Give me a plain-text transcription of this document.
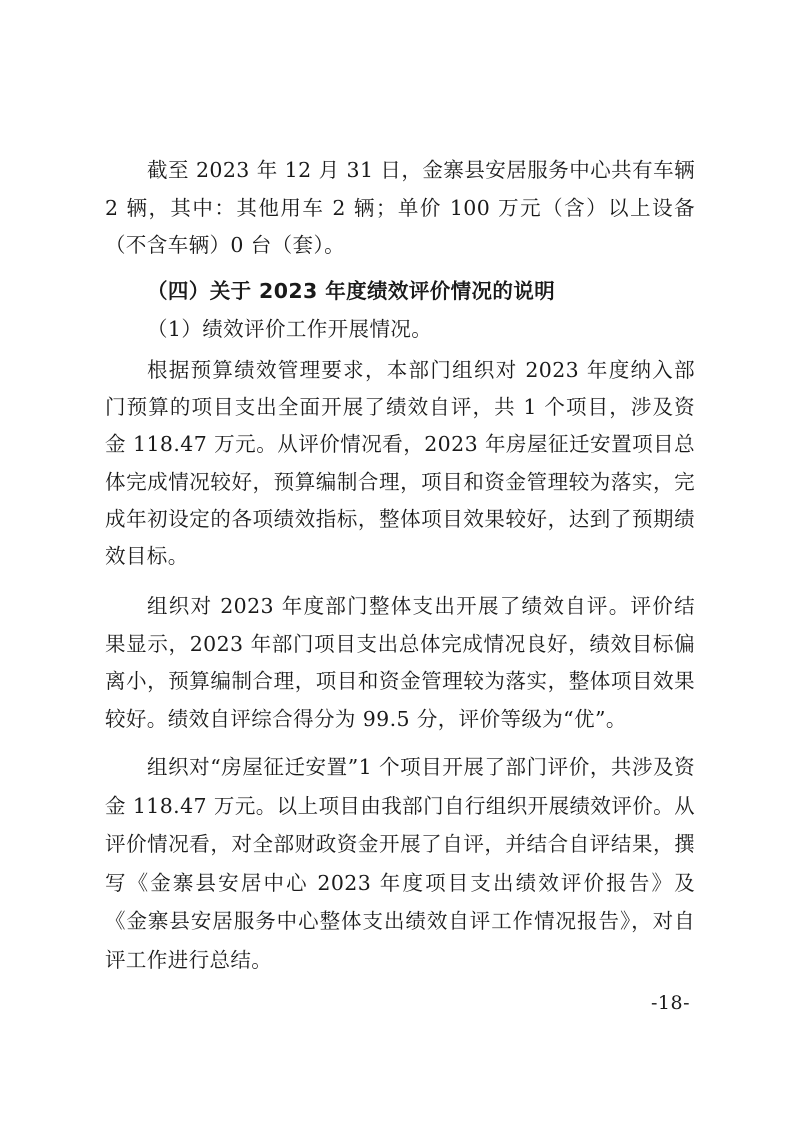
截至 2023 年 12 月 31 日，金寨县安居服务中心共有车辆 2 辆，其中：其他用车 2 辆；单价 100 万元（含）以上设备（不含车辆）0 台（套）。

（四）关于 2023 年度绩效评价情况的说明

（1）绩效评价工作开展情况。

根据预算绩效管理要求，本部门组织对 2023 年度纳入部门预算的项目支出全面开展了绩效自评，共 1 个项目，涉及资金 118.47 万元。从评价情况看，2023 年房屋征迁安置项目总体完成情况较好，预算编制合理，项目和资金管理较为落实，完成年初设定的各项绩效指标，整体项目效果较好，达到了预期绩效目标。

组织对 2023 年度部门整体支出开展了绩效自评。评价结果显示，2023 年部门项目支出总体完成情况良好，绩效目标偏离小，预算编制合理，项目和资金管理较为落实，整体项目效果较好。绩效自评综合得分为 99.5 分，评价等级为“优”。

组织对“房屋征迁安置”1 个项目开展了部门评价，共涉及资金 118.47 万元。以上项目由我部门自行组织开展绩效评价。从评价情况看，对全部财政资金开展了自评，并结合自评结果，撰写《金寨县安居中心 2023 年度项目支出绩效评价报告》及《金寨县安居服务中心整体支出绩效自评工作情况报告》，对自评工作进行总结。

-18-
